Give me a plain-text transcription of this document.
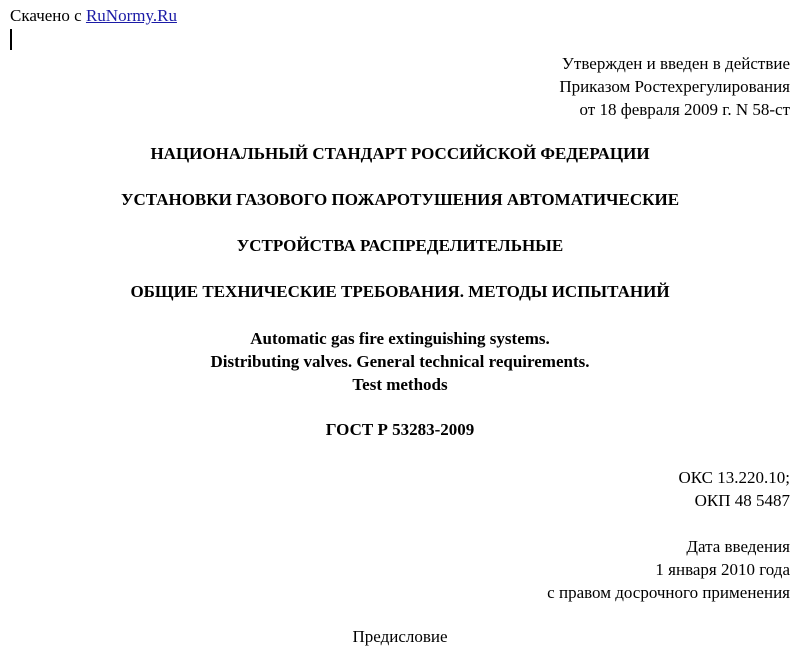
Скачено с RuNormy.Ru
Утвержден и введен в действие
Приказом Ростехрегулирования
от 18 февраля 2009 г. N 58-ст
НАЦИОНАЛЬНЫЙ СТАНДАРТ РОССИЙСКОЙ ФЕДЕРАЦИИ
УСТАНОВКИ ГАЗОВОГО ПОЖАРОТУШЕНИЯ АВТОМАТИЧЕСКИЕ
УСТРОЙСТВА РАСПРЕДЕЛИТЕЛЬНЫЕ
ОБЩИЕ ТЕХНИЧЕСКИЕ ТРЕБОВАНИЯ. МЕТОДЫ ИСПЫТАНИЙ
Automatic gas fire extinguishing systems.
Distributing valves. General technical requirements.
Test methods
ГОСТ Р 53283-2009
ОКС 13.220.10;
ОКП 48 5487
Дата введения
1 января 2010 года
с правом досрочного применения
Предисловие
